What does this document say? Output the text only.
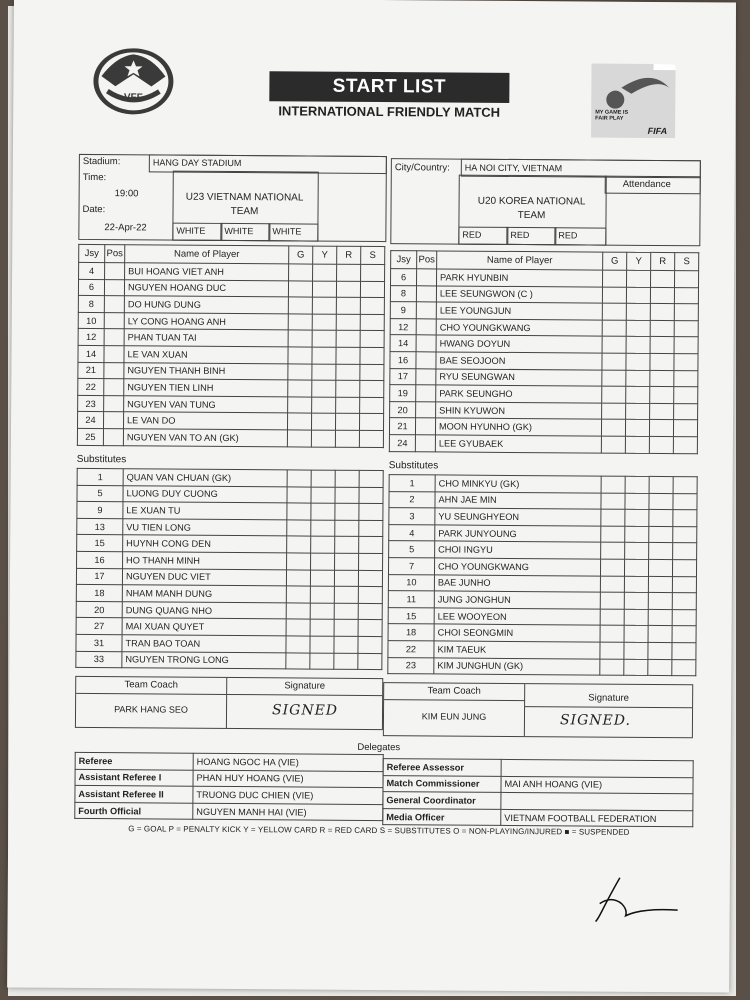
VFF
MY GAME IS
FAIR PLAY
FIFA
START LIST
INTERNATIONAL FRIENDLY MATCH
Stadium:	HANG DAY STADIUM
Time:
19:00
Date:
22-Apr-22
U23 VIETNAM NATIONAL TEAM
WHITE WHITE WHITE
City/Country: HA NOI CITY, VIETNAM
U20 KOREA NATIONAL TEAM
RED	RED	RED
Attendance
Jsy	Pos	Name of Player	G	Y	R	S
4		BUI HOANG VIET ANH				
6		NGUYEN HOANG DUC				
8		DO HUNG DUNG				
10		LY CONG HOANG ANH				
12		PHAN TUAN TAI				
14		LE VAN XUAN				
21		NGUYEN THANH BINH				
22		NGUYEN TIEN LINH				
23		NGUYEN VAN TUNG				
24		LE VAN DO				
25		NGUYEN VAN TO AN (GK)				
Jsy	Pos	Name of Player	G	Y	R	S
6		PARK HYUNBIN				
8		LEE SEUNGWON (C )				
9		LEE YOUNGJUN				
12		CHO YOUNGKWANG				
14		HWANG DOYUN				
16		BAE SEOJOON				
17		RYU SEUNGWAN				
19		PARK SEUNGHO				
20		SHIN KYUWON				
21		MOON HYUNHO (GK)				
24		LEE GYUBAEK				
Substitutes
1	QUAN VAN CHUAN (GK)				
5	LUONG DUY CUONG				
9	LE XUAN TU				
13	VU TIEN LONG				
15	HUYNH CONG DEN				
16	HO THANH MINH				
17	NGUYEN DUC VIET				
18	NHAM MANH DUNG				
20	DUNG QUANG NHO				
27	MAI XUAN QUYET				
31	TRAN BAO TOAN				
33	NGUYEN TRONG LONG				
Substitutes
1	CHO MINKYU (GK)				
2	AHN JAE MIN				
3	YU SEUNGHYEON				
4	PARK JUNYOUNG				
5	CHOI INGYU				
7	CHO YOUNGKWANG				
10	BAE JUNHO				
11	JUNG JONGHUN				
15	LEE WOOYEON				
18	CHOI SEONGMIN				
22	KIM TAEUK				
23	KIM JUNGHUN (GK)				
Team Coach	Signature
PARK HANG SEO	SIGNED
Team Coach
Signature
KIM EUN JUNG	SIGNED.
Delegates
Referee	HOANG NGOC HA (VIE)
Assistant Referee I	PHAN HUY HOANG (VIE)
Assistant Referee II	TRUONG DUC CHIEN (VIE)
Fourth Official	NGUYEN MANH HAI (VIE)
Referee Assessor	
Match Commissioner	MAI ANH HOANG (VIE)
General Coordinator	
Media Officer	VIETNAM FOOTBALL FEDERATION
G = GOAL P = PENALTY KICK Y = YELLOW CARD R = RED CARD S = SUBSTITUTES O = NON-PLAYING/INJURED ■ = SUSPENDED
